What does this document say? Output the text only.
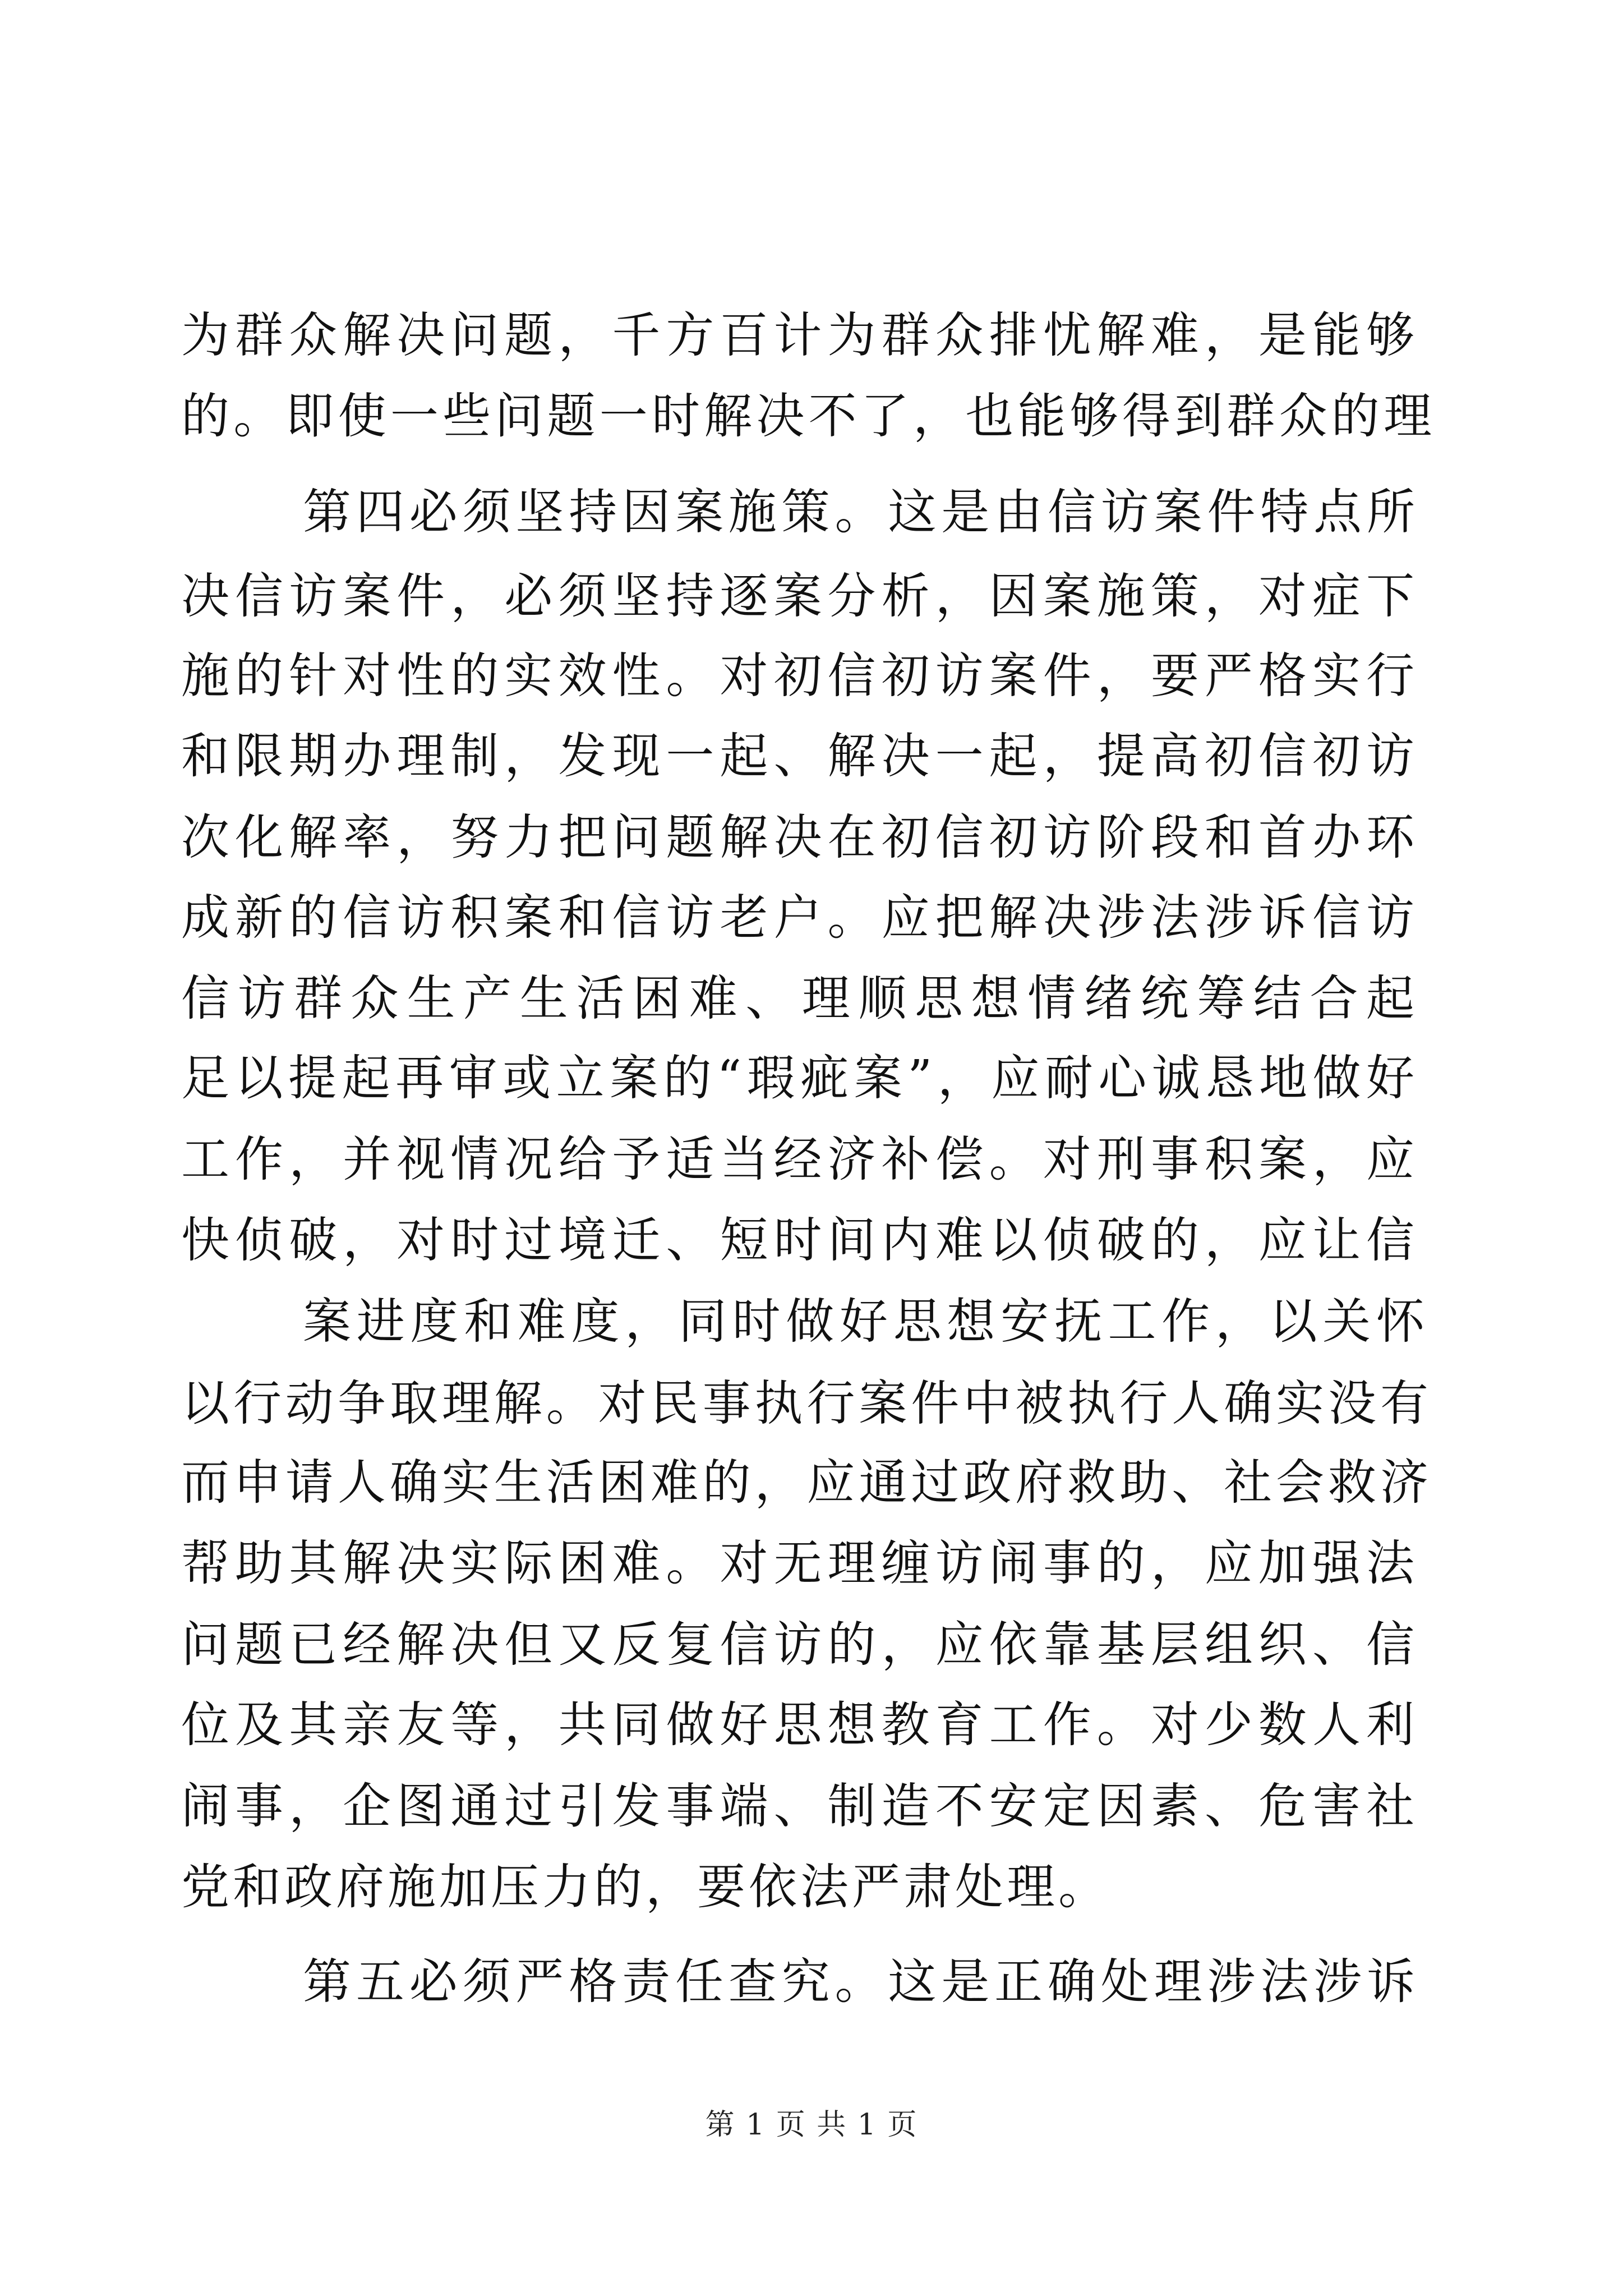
为群众解决问题，千方百计为群众排忧解难，是能够
的。即使一些问题一时解决不了，也能够得到群众的理
第四必须坚持因案施策。这是由信访案件特点所
决信访案件，必须坚持逐案分析，因案施策，对症下
施的针对性的实效性。对初信初访案件，要严格实行
和限期办理制，发现一起、解决一起，提高初信初访
次化解率，努力把问题解决在初信初访阶段和首办环
成新的信访积案和信访老户。应把解决涉法涉诉信访
信访群众生产生活困难、理顺思想情绪统筹结合起
足以提起再审或立案的“瑕疵案”，应耐心诚恳地做好
工作，并视情况给予适当经济补偿。对刑事积案，应
快侦破，对时过境迁、短时间内难以侦破的，应让信
案进度和难度，同时做好思想安抚工作，以关怀
以行动争取理解。对民事执行案件中被执行人确实没有
而申请人确实生活困难的，应通过政府救助、社会救济
帮助其解决实际困难。对无理缠访闹事的，应加强法
问题已经解决但又反复信访的，应依靠基层组织、信
位及其亲友等，共同做好思想教育工作。对少数人利
闹事，企图通过引发事端、制造不安定因素、危害社
党和政府施加压力的，要依法严肃处理。
第五必须严格责任查究。这是正确处理涉法涉诉
第 1 页 共 1 页
